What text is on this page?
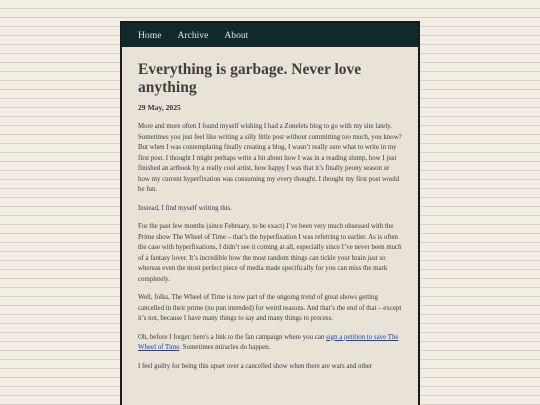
Home Archive About
Everything is garbage. Never love anything
29 May, 2025

More and more often I found myself wishing I had a Zonelets blog to go with my site lately. Sometimes you just feel like writing a silly little post without committing too much, you know? But when I was contemplating finally creating a blog, I wasn’t really sure what to write in my first post. I thought I might perhaps write a bit about how I was in a reading slump, how I just finished an artbook by a really cool artist, how happy I was that it’s finally peony season or how my current hyperfixation was consuming my every thought. I thought my first post would be fun.

Instead, I find myself writing this.

For the past few months (since February, to be exact) I’ve been very much obsessed with the Prime show The Wheel of Time – that’s the hyperfixation I was referring to earlier. As is often the case with hyperfixations, I didn’t see it coming at all, especially since I’ve never been much of a fantasy lover. It’s incredible how the most random things can tickle your brain just so whereas even the most perfect piece of media made specifically for you can miss the mark completely.

Well, folks, The Wheel of Time is now part of the ongoing trend of great shows getting cancelled in their prime (no pun intended) for weird reasons. And that’s the end of that – except it’s not, because I have many things to say and many things to process.

Oh, before I forget: here's a link to the fan campaign where you can sign a petition to save The Wheel of Time. Sometimes miracles do happen.

I feel guilty for being this upset over a cancelled show when there are wars and other
